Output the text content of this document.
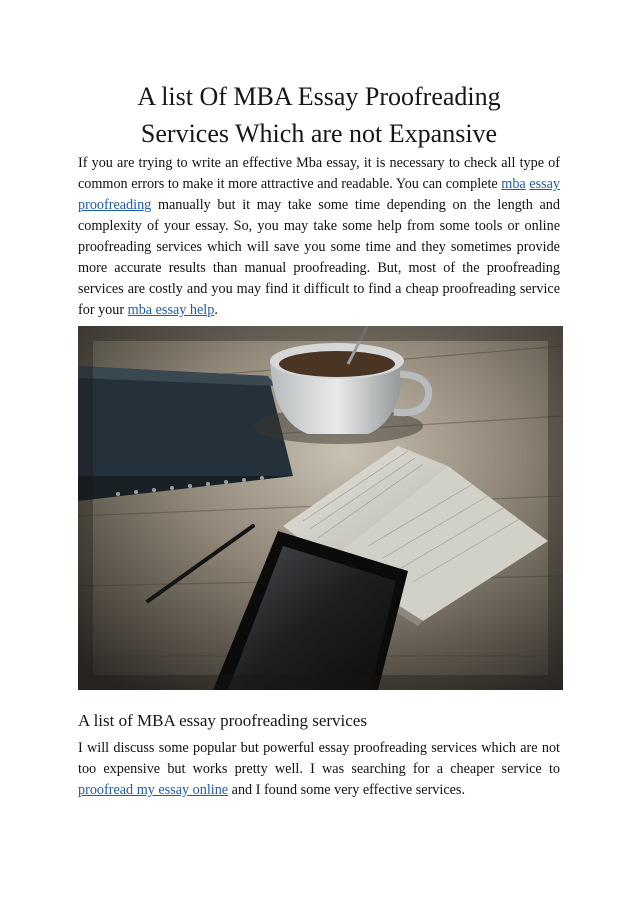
A list Of MBA Essay Proofreading
Services Which are not Expansive

If you are trying to write an effective Mba essay, it is necessary to check all type of common errors to make it more attractive and readable. You can complete mba essay proofreading manually but it may take some time depending on the length and complexity of your essay. So, you may take some help from some tools or online proofreading services which will save you some time and they sometimes provide more accurate results than manual proofreading. But, most of the proofreading services are costly and you may find it difficult to find a cheap proofreading service for your mba essay help.

A list of MBA essay proofreading services

I will discuss some popular but powerful essay proofreading services which are not too expensive but works pretty well. I was searching for a cheaper service to proofread my essay online and I found some very effective services.
